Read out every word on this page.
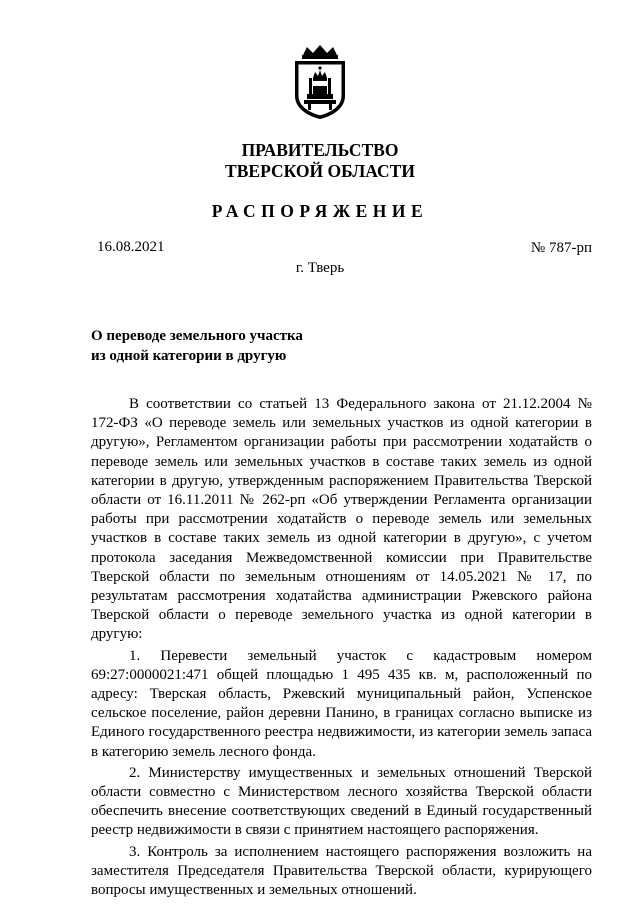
ПРАВИТЕЛЬСТВО
ТВЕРСКОЙ ОБЛАСТИ
РАСПОРЯЖЕНИЕ
16.08.2021	№ 787-рп
г. Тверь
О переводе земельного участка
из одной категории в другую

В соответствии со статьей 13 Федерального закона от 21.12.2004 № 172-ФЗ «О переводе земель или земельных участков из одной категории в другую», Регламентом организации работы при рассмотрении ходатайств о переводе земель или земельных участков в составе таких земель из одной категории в другую, утвержденным распоряжением Правительства Тверской области от 16.11.2011 № 262-рп «Об утверждении Регламента организации работы при рассмотрении ходатайств о переводе земель или земельных участков в составе таких земель из одной категории в другую», с учетом протокола заседания Межведомственной комиссии при Правительстве Тверской области по земельным отношениям от 14.05.2021 № 17, по результатам рассмотрения ходатайства администрации Ржевского района Тверской области о переводе земельного участка из одной категории в другую:

1. Перевести земельный участок с кадастровым номером 69:27:0000021:471 общей площадью 1 495 435 кв. м, расположенный по адресу: Тверская область, Ржевский муниципальный район, Успенское сельское поселение, район деревни Панино, в границах согласно выписке из Единого государственного реестра недвижимости, из категории земель запаса в категорию земель лесного фонда.

2. Министерству имущественных и земельных отношений Тверской области совместно с Министерством лесного хозяйства Тверской области обеспечить внесение соответствующих сведений в Единый государственный реестр недвижимости в связи с принятием настоящего распоряжения.

3. Контроль за исполнением настоящего распоряжения возложить на заместителя Председателя Правительства Тверской области, курирующего вопросы имущественных и земельных отношений.
